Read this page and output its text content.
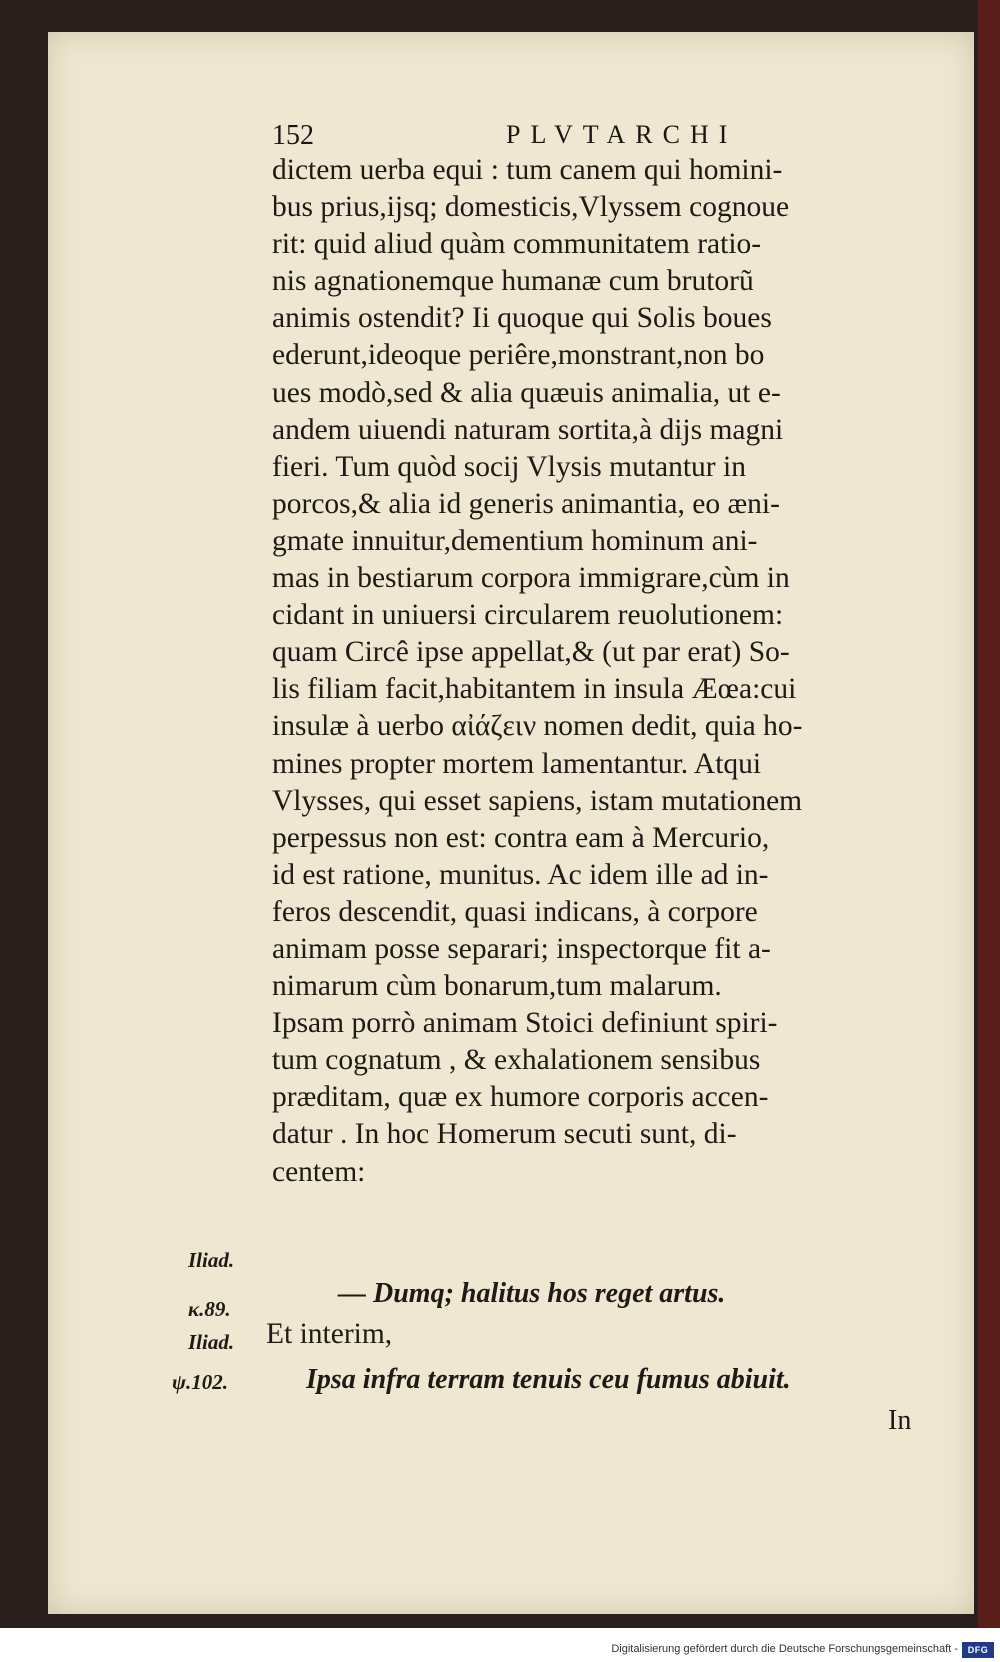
152	PLVTARCHI
dictem uerba equi : tum canem qui homini-
bus prius,ijsq; domesticis,Vlyssem cognoue
rit: quid aliud quàm communitatem ratio-
nis agnationemque humanæ cum brutorũ
animis ostendit? Ii quoque qui Solis boues
ederunt,ideoque periêre,monstrant,non bo
ues modò,sed & alia quæuis animalia, ut e-
andem uiuendi naturam sortita,à dijs magni
fieri. Tum quòd socij Vlysis mutantur in
porcos,& alia id generis animantia, eo æni-
gmate innuitur,dementium hominum ani-
mas in bestiarum corpora immigrare,cùm in
cidant in uniuersi circularem reuolutionem:
quam Circê ipse appellat,& (ut par erat) So-
lis filiam facit,habitantem in insula Æœa:cui
insulæ à uerbo αἰάζειν nomen dedit, quia ho-
mines propter mortem lamentantur. Atqui
Vlysses, qui esset sapiens, istam mutationem
perpessus non est: contra eam à Mercurio,
id est ratione, munitus. Ac idem ille ad in-
feros descendit, quasi indicans, à corpore
animam posse separari; inspectorque fit a-
nimarum cùm bonarum,tum malarum.
Ipsam porrò animam Stoici definiunt spiri-
tum cognatum , & exhalationem sensibus
præditam, quæ ex humore corporis accen-
datur . In hoc Homerum secuti sunt, di-
centem:
Iliad.
κ.89.
Iliad.
ψ.102.
— Dumq; halitus hos reget artus.
Et interim,
Ipsa infra terram tenuis ceu fumus abiuit.
In
Digitalisierung gefördert durch die Deutsche Forschungsgemeinschaft -	DFG
